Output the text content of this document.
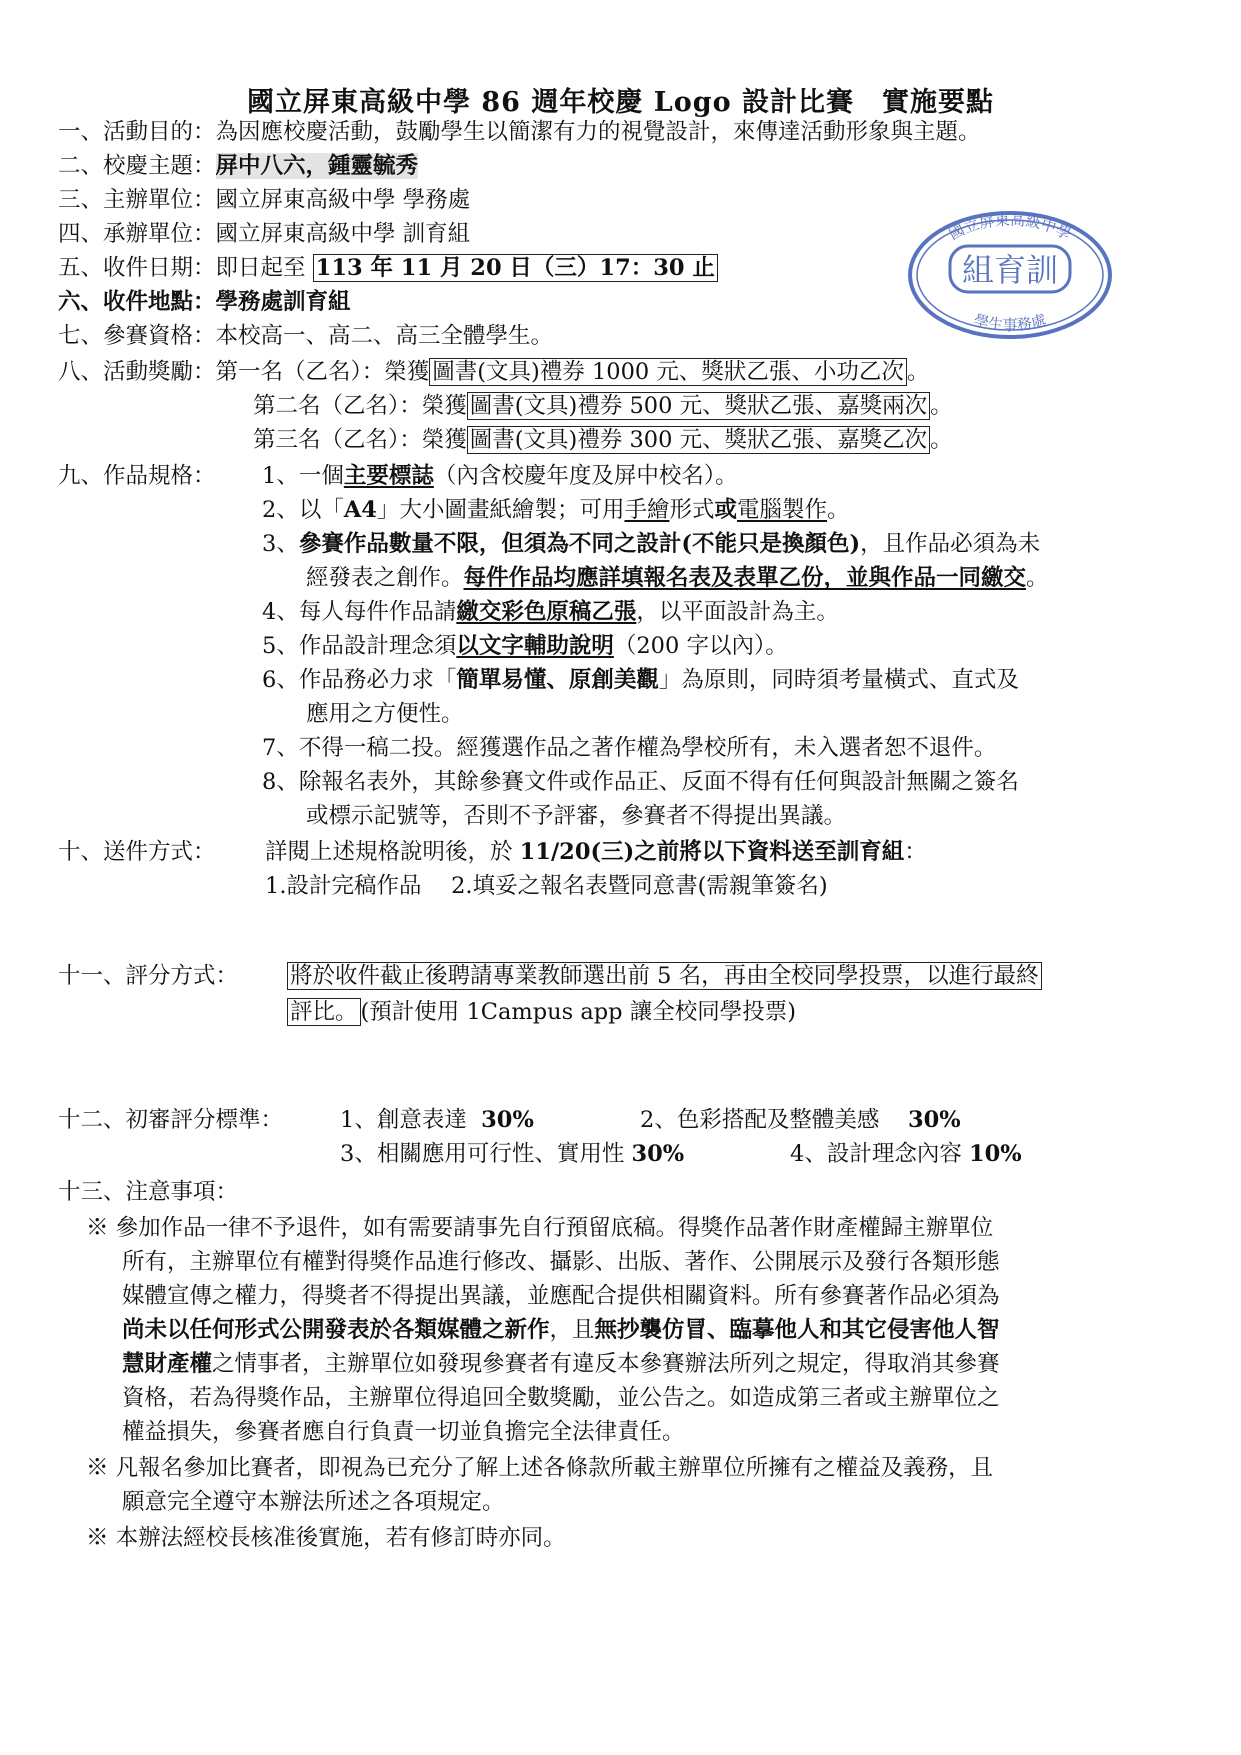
國立屏東高級中學 86 週年校慶 Logo 設計比賽　實施要點
一、活動目的：為因應校慶活動，鼓勵學生以簡潔有力的視覺設計，來傳達活動形象與主題。
二、校慶主題：屏中八六，鍾靈毓秀
三、主辦單位：國立屏東高級中學 學務處
四、承辦單位：國立屏東高級中學 訓育組
五、收件日期：即日起至 113 年 11 月 20 日（三）17：30 止
六、收件地點：學務處訓育組
七、參賽資格：本校高一、高二、高三全體學生。
八、活動獎勵：第一名（乙名）：榮獲 圖書(文具)禮券 1000 元、獎狀乙張、小功乙次 。
第二名（乙名）：榮獲 圖書(文具)禮券 500 元、獎狀乙張、嘉獎兩次 。
第三名（乙名）：榮獲 圖書(文具)禮券 300 元、獎狀乙張、嘉獎乙次 。
九、作品規格： 1、一個主要標誌（內含校慶年度及屏中校名）。
2、以「A4」大小圖畫紙繪製；可用手繪形式或電腦製作。
3、參賽作品數量不限，但須為不同之設計(不能只是換顏色)，且作品必須為未
經發表之創作。每件作品均應詳填報名表及表單乙份，並與作品一同繳交。
4、每人每件作品請繳交彩色原稿乙張，以平面設計為主。
5、作品設計理念須以文字輔助說明（200 字以內）。
6、作品務必力求「簡單易懂、原創美觀」為原則，同時須考量橫式、直式及
應用之方便性。
7、不得一稿二投。經獲選作品之著作權為學校所有，未入選者恕不退件。
8、除報名表外，其餘參賽文件或作品正、反面不得有任何與設計無關之簽名
或標示記號等，否則不予評審，參賽者不得提出異議。
十、送件方式： 詳閱上述規格說明後，於 11/20(三)之前將以下資料送至訓育組：
1.設計完稿作品　 2.填妥之報名表暨同意書(需親筆簽名)
十一、評分方式： 將於收件截止後聘請專業教師選出前 5 名，再由全校同學投票，以進行最終
評比。 (預計使用 1Campus app 讓全校同學投票)
十二、初審評分標準：	1、創意表達 30%	2、色彩搭配及整體美感 30%
3、相關應用可行性、實用性 30%	4、設計理念內容 10%
十三、注意事項：
※ 參加作品一律不予退件，如有需要請事先自行預留底稿。得獎作品著作財產權歸主辦單位
所有，主辦單位有權對得獎作品進行修改、攝影、出版、著作、公開展示及發行各類形態
媒體宣傳之權力，得獎者不得提出異議，並應配合提供相關資料。所有參賽著作品必須為
尚未以任何形式公開發表於各類媒體之新作，且無抄襲仿冒、臨摹他人和其它侵害他人智
慧財產權之情事者，主辦單位如發現參賽者有違反本參賽辦法所列之規定，得取消其參賽
資格，若為得獎作品，主辦單位得追回全數獎勵，並公告之。如造成第三者或主辦單位之
權益損失，參賽者應自行負責一切並負擔完全法律責任。
※ 凡報名參加比賽者，即視為已充分了解上述各條款所載主辦單位所擁有之權益及義務，且
願意完全遵守本辦法所述之各項規定。
※ 本辦法經校長核准後實施，若有修訂時亦同。
組育訓
國立屏東高級中學
學生事務處
